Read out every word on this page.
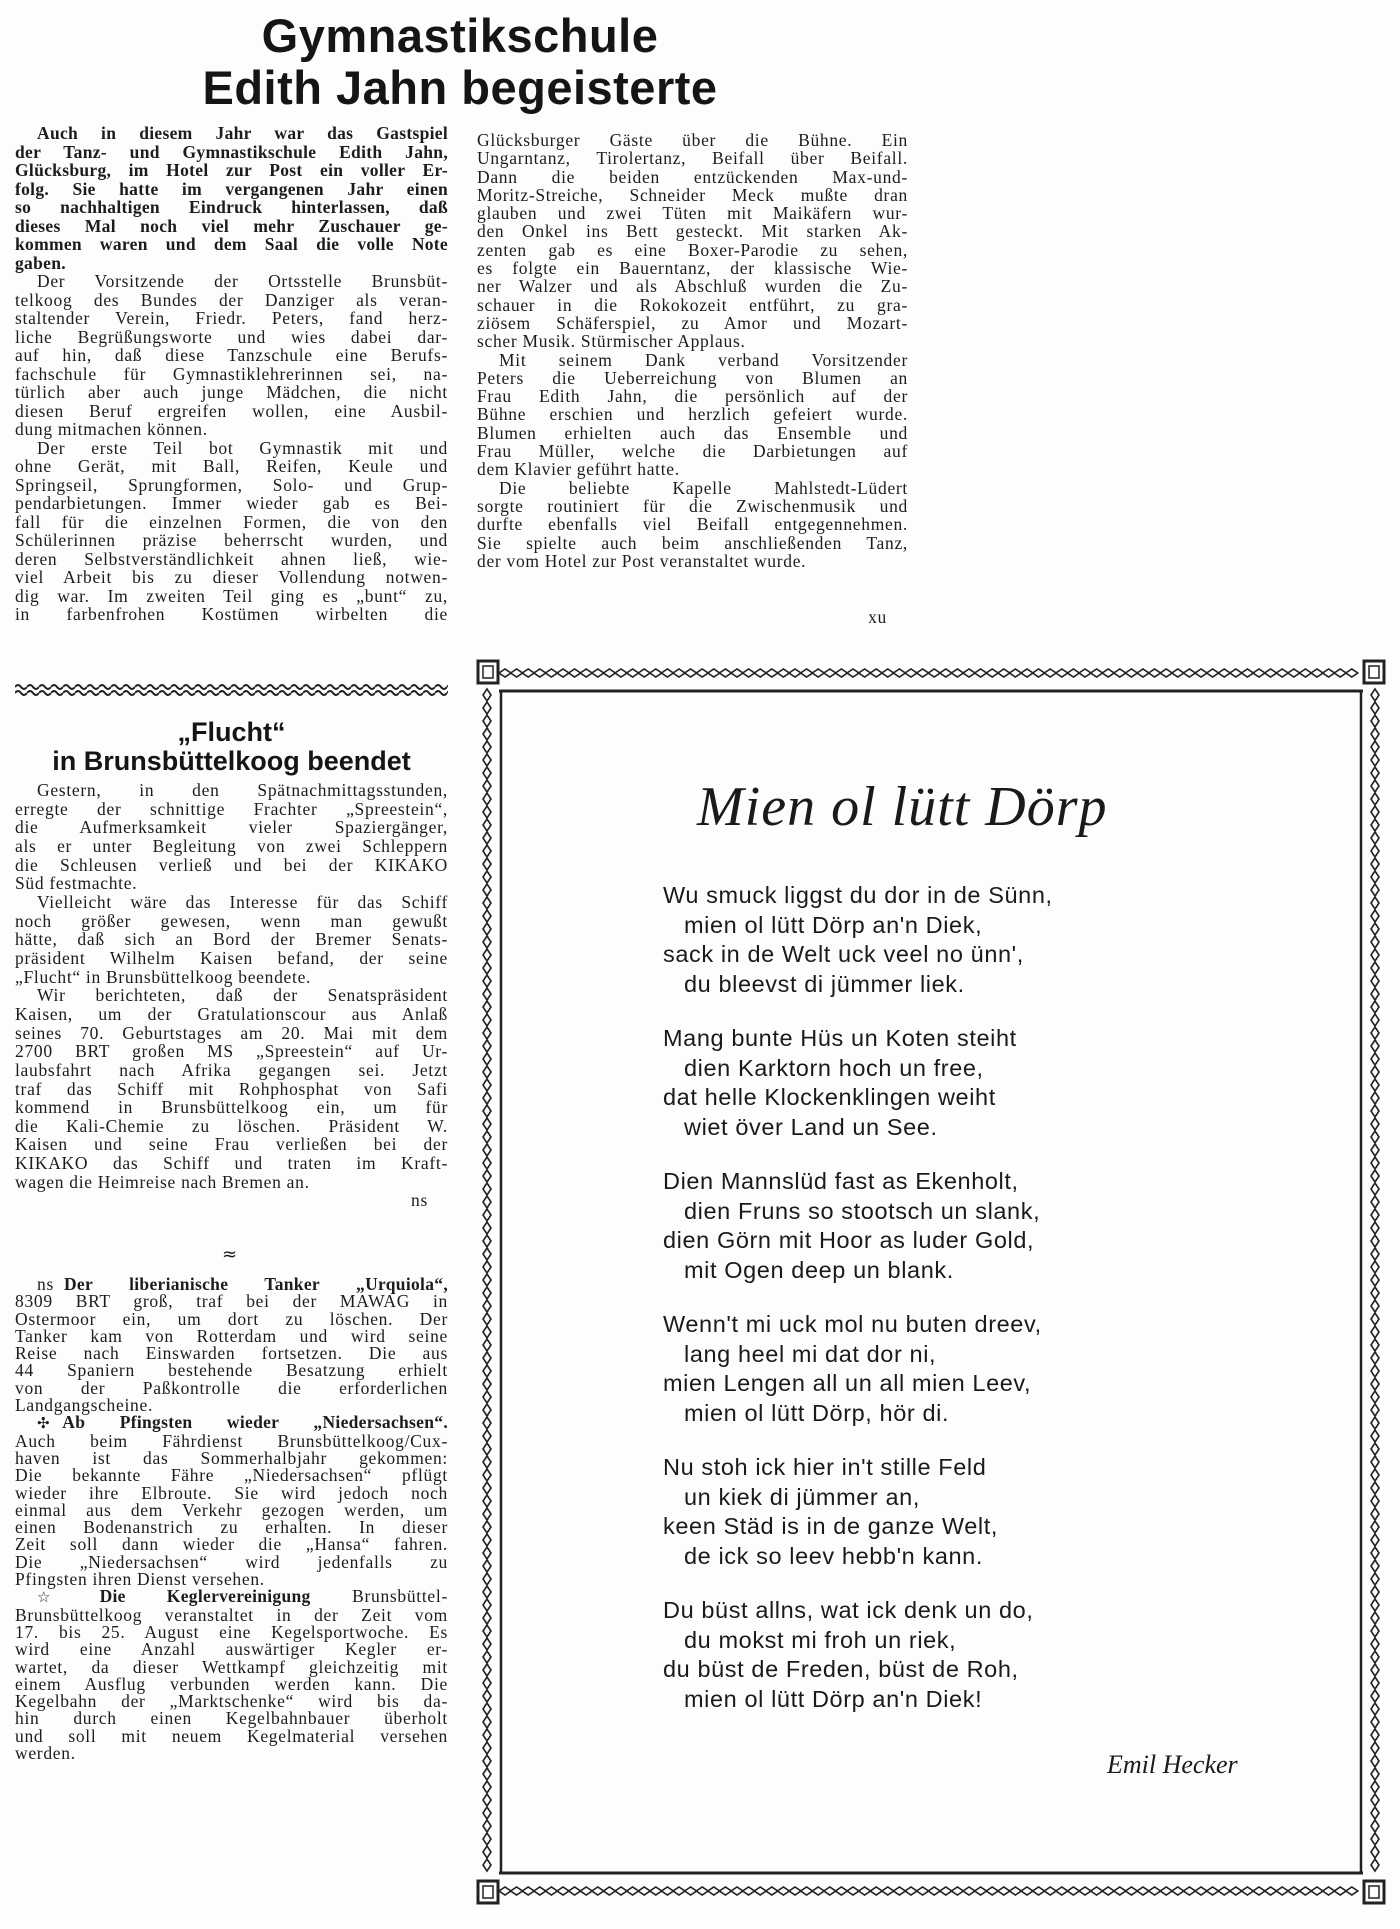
Gymnastikschule
Edith Jahn begeisterte
Auch in diesem Jahr war das Gastspiel
der Tanz- und Gymnastikschule Edith Jahn,
Glücksburg, im Hotel zur Post ein voller Er-
folg. Sie hatte im vergangenen Jahr einen
so nachhaltigen Eindruck hinterlassen, daß
dieses Mal noch viel mehr Zuschauer ge-
kommen waren und dem Saal die volle Note
gaben.
Der Vorsitzende der Ortsstelle Brunsbüt-
telkoog des Bundes der Danziger als veran-
staltender Verein, Friedr. Peters, fand herz-
liche Begrüßungsworte und wies dabei dar-
auf hin, daß diese Tanzschule eine Berufs-
fachschule für Gymnastiklehrerinnen sei, na-
türlich aber auch junge Mädchen, die nicht
diesen Beruf ergreifen wollen, eine Ausbil-
dung mitmachen können.
Der erste Teil bot Gymnastik mit und
ohne Gerät, mit Ball, Reifen, Keule und
Springseil, Sprungformen, Solo- und Grup-
pendarbietungen. Immer wieder gab es Bei-
fall für die einzelnen Formen, die von den
Schülerinnen präzise beherrscht wurden, und
deren Selbstverständlichkeit ahnen ließ, wie-
viel Arbeit bis zu dieser Vollendung notwen-
dig war. Im zweiten Teil ging es „bunt“ zu,
in farbenfrohen Kostümen wirbelten die
Glücksburger Gäste über die Bühne. Ein
Ungarntanz, Tirolertanz, Beifall über Beifall.
Dann die beiden entzückenden Max-und-
Moritz-Streiche, Schneider Meck mußte dran
glauben und zwei Tüten mit Maikäfern wur-
den Onkel ins Bett gesteckt. Mit starken Ak-
zenten gab es eine Boxer-Parodie zu sehen,
es folgte ein Bauerntanz, der klassische Wie-
ner Walzer und als Abschluß wurden die Zu-
schauer in die Rokokozeit entführt, zu gra-
ziösem Schäferspiel, zu Amor und Mozart-
scher Musik. Stürmischer Applaus.
Mit seinem Dank verband Vorsitzender
Peters die Ueberreichung von Blumen an
Frau Edith Jahn, die persönlich auf der
Bühne erschien und herzlich gefeiert wurde.
Blumen erhielten auch das Ensemble und
Frau Müller, welche die Darbietungen auf
dem Klavier geführt hatte.
Die beliebte Kapelle Mahlstedt-Lüdert
sorgte routiniert für die Zwischenmusik und
durfte ebenfalls viel Beifall entgegennehmen.
Sie spielte auch beim anschließenden Tanz,
der vom Hotel zur Post veranstaltet wurde.
xu
„Flucht“
in Brunsbüttelkoog beendet
Gestern, in den Spätnachmittagsstunden,
erregte der schnittige Frachter „Spreestein“,
die Aufmerksamkeit vieler Spaziergänger,
als er unter Begleitung von zwei Schleppern
die Schleusen verließ und bei der KIKAKO
Süd festmachte.
Vielleicht wäre das Interesse für das Schiff
noch größer gewesen, wenn man gewußt
hätte, daß sich an Bord der Bremer Senats-
präsident Wilhelm Kaisen befand, der seine
„Flucht“ in Brunsbüttelkoog beendete.
Wir berichteten, daß der Senatspräsident
Kaisen, um der Gratulationscour aus Anlaß
seines 70. Geburtstages am 20. Mai mit dem
2700 BRT großen MS „Spreestein“ auf Ur-
laubsfahrt nach Afrika gegangen sei. Jetzt
traf das Schiff mit Rohphosphat von Safi
kommend in Brunsbüttelkoog ein, um für
die Kali-Chemie zu löschen. Präsident W.
Kaisen und seine Frau verließen bei der
KIKAKO das Schiff und traten im Kraft-
wagen die Heimreise nach Bremen an.
ns
≈
ns Der liberianische Tanker „Urquiola“,
8309 BRT groß, traf bei der MAWAG in
Ostermoor ein, um dort zu löschen. Der
Tanker kam von Rotterdam und wird seine
Reise nach Einswarden fortsetzen. Die aus
44 Spaniern bestehende Besatzung erhielt
von der Paßkontrolle die erforderlichen
Landgangscheine.
✣ Ab Pfingsten wieder „Niedersachsen“.
Auch beim Fährdienst Brunsbüttelkoog/Cux-
haven ist das Sommerhalbjahr gekommen:
Die bekannte Fähre „Niedersachsen“ pflügt
wieder ihre Elbroute. Sie wird jedoch noch
einmal aus dem Verkehr gezogen werden, um
einen Bodenanstrich zu erhalten. In dieser
Zeit soll dann wieder die „Hansa“ fahren.
Die „Niedersachsen“ wird jedenfalls zu
Pfingsten ihren Dienst versehen.
☆ Die Keglervereinigung Brunsbüttel-
Brunsbüttelkoog veranstaltet in der Zeit vom
17. bis 25. August eine Kegelsportwoche. Es
wird eine Anzahl auswärtiger Kegler er-
wartet, da dieser Wettkampf gleichzeitig mit
einem Ausflug verbunden werden kann. Die
Kegelbahn der „Marktschenke“ wird bis da-
hin durch einen Kegelbahnbauer überholt
und soll mit neuem Kegelmaterial versehen
werden.
Mien ol lütt Dörp
Wu smuck liggst du dor in de Sünn,
mien ol lütt Dörp an'n Diek,
sack in de Welt uck veel no ünn',
du bleevst di jümmer liek.
Mang bunte Hüs un Koten steiht
dien Karktorn hoch un free,
dat helle Klockenklingen weiht
wiet över Land un See.
Dien Mannslüd fast as Ekenholt,
dien Fruns so stootsch un slank,
dien Görn mit Hoor as luder Gold,
mit Ogen deep un blank.
Wenn't mi uck mol nu buten dreev,
lang heel mi dat dor ni,
mien Lengen all un all mien Leev,
mien ol lütt Dörp, hör di.
Nu stoh ick hier in't stille Feld
un kiek di jümmer an,
keen Städ is in de ganze Welt,
de ick so leev hebb'n kann.
Du büst allns, wat ick denk un do,
du mokst mi froh un riek,
du büst de Freden, büst de Roh,
mien ol lütt Dörp an'n Diek!
Emil Hecker
